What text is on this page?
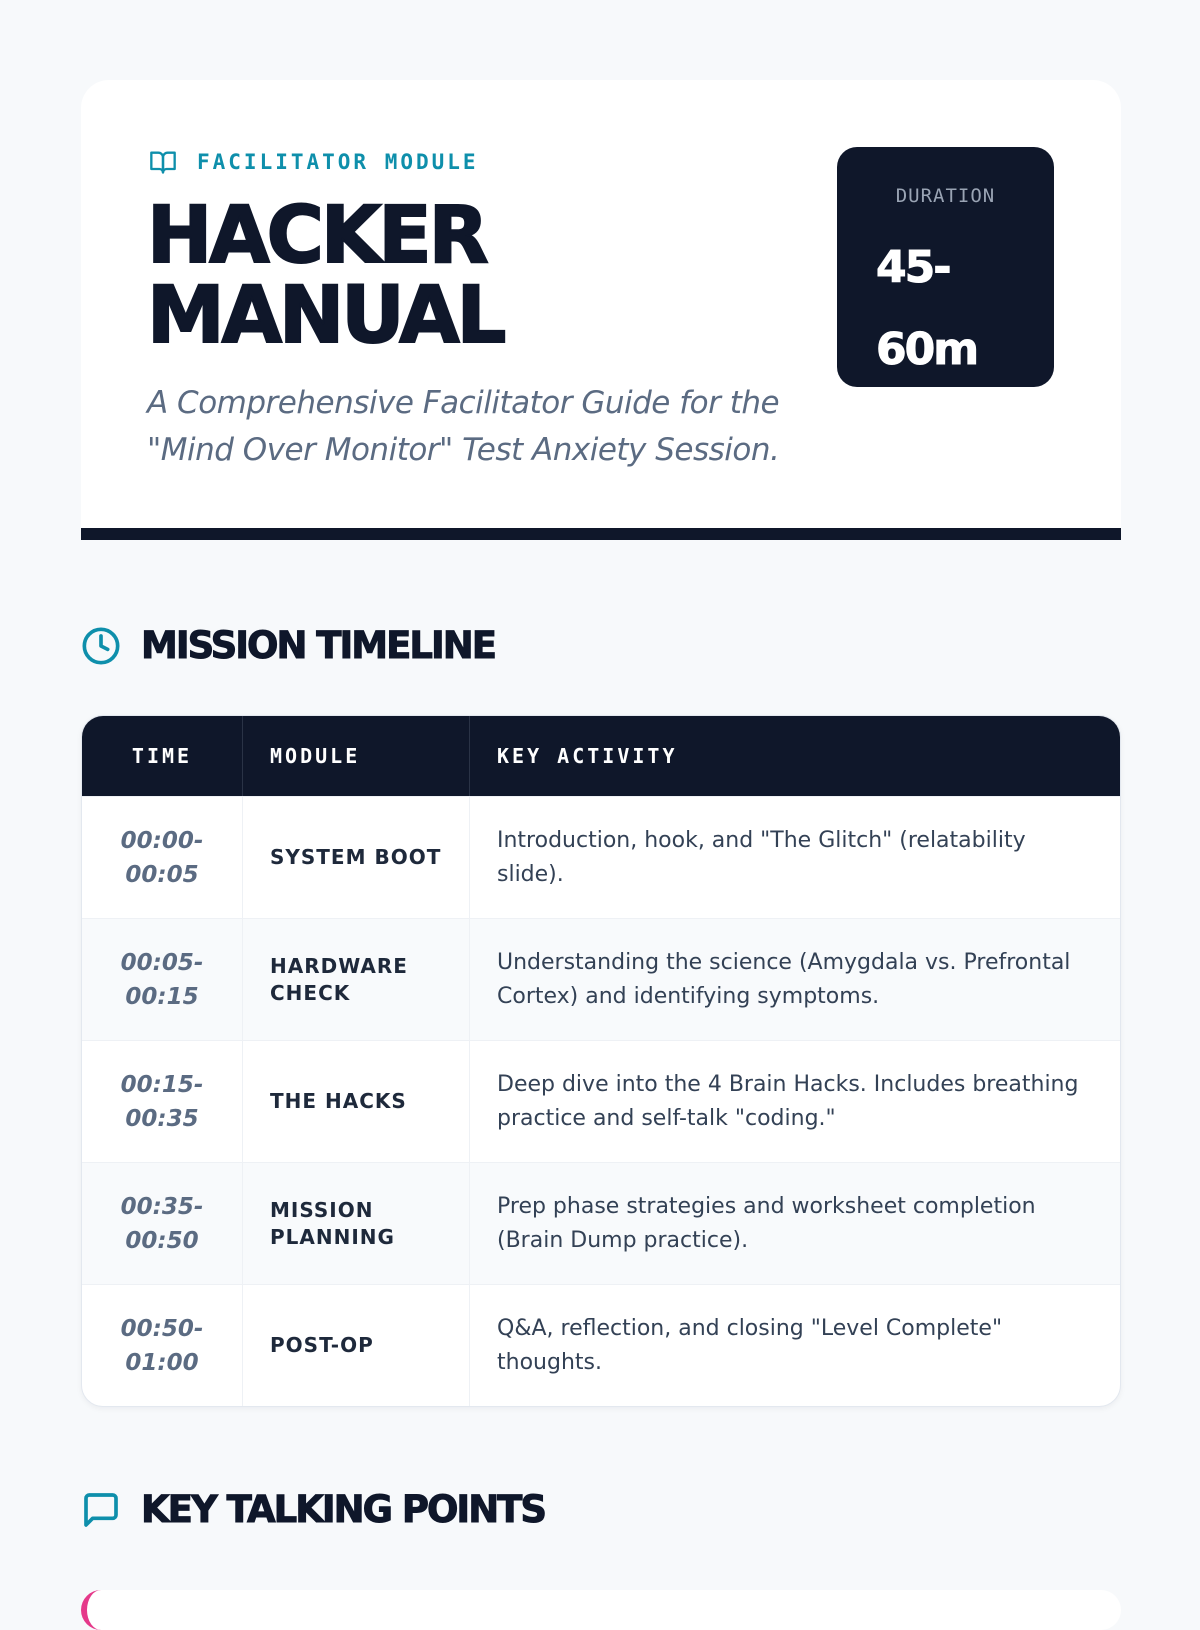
FACILITATOR MODULE
HACKER
MANUAL

A Comprehensive Facilitator Guide for the "Mind Over Monitor" Test Anxiety Session.

DURATION
45-60m
MISSION TIMELINE
TIME	MODULE	KEY ACTIVITY
00:00-00:05
SYSTEM BOOT
Introduction, hook, and "The Glitch" (relatability slide).
00:05-00:15
HARDWARE CHECK
Understanding the science (Amygdala vs. Prefrontal Cortex) and identifying symptoms.
00:15-00:35
THE HACKS
Deep dive into the 4 Brain Hacks. Includes breathing practice and self-talk "coding."
00:35-00:50
MISSION PLANNING
Prep phase strategies and worksheet completion (Brain Dump practice).
00:50-01:00
POST-OP
Q&A, reflection, and closing "Level Complete" thoughts.
KEY TALKING POINTS
